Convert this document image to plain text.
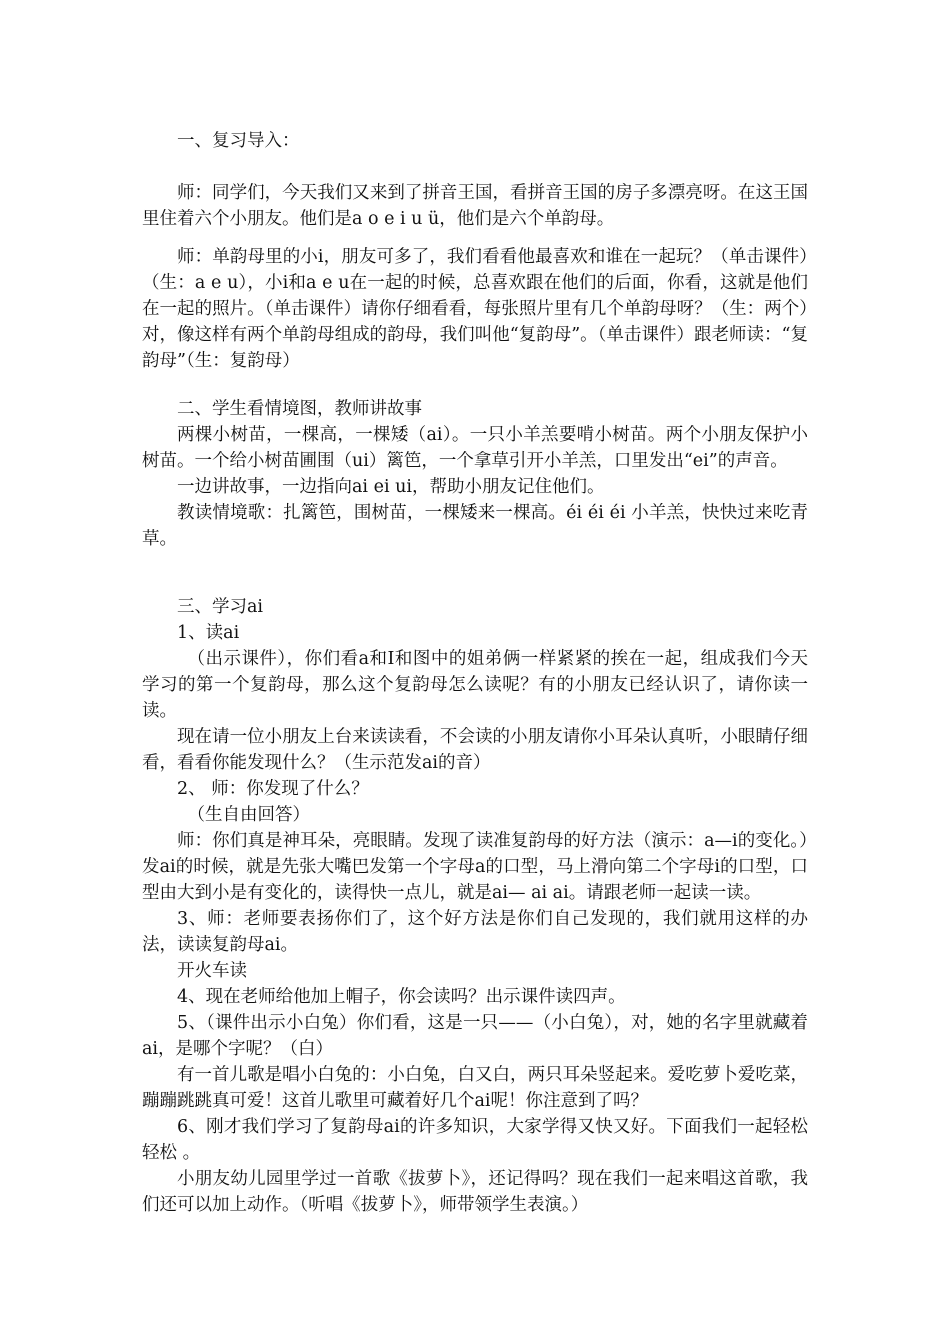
一、复习导入：

师：同学们，今天我们又来到了拼音王国，看拼音王国的房子多漂亮呀。在这王国里住着六个小朋友。他们是a o e i u ü，他们是六个单韵母。

师：单韵母里的小i，朋友可多了，我们看看他最喜欢和谁在一起玩？（单击课件）（生：a e u），小i和a e u在一起的时候，总喜欢跟在他们的后面，你看，这就是他们在一起的照片。（单击课件）请你仔细看看，每张照片里有几个单韵母呀？（生：两个）对，像这样有两个单韵母组成的韵母，我们叫他“复韵母”。（单击课件）跟老师读：“复韵母”（生：复韵母）

二、学生看情境图，教师讲故事

两棵小树苗，一棵高，一棵矮（ai）。一只小羊羔要啃小树苗。两个小朋友保护小树苗。一个给小树苗圃围（ui）篱笆，一个拿草引开小羊羔，口里发出“ei”的声音。

一边讲故事，一边指向ai ei ui，帮助小朋友记住他们。

教读情境歌：扎篱笆，围树苗，一棵矮来一棵高。éi éi éi 小羊羔，快快过来吃青草。

三、学习ai

1、读ai

（出示课件），你们看a和I和图中的姐弟俩一样紧紧的挨在一起，组成我们今天学习的第一个复韵母，那么这个复韵母怎么读呢？有的小朋友已经认识了，请你读一读。

现在请一位小朋友上台来读读看，不会读的小朋友请你小耳朵认真听，小眼睛仔细看，看看你能发现什么？（生示范发ai的音）

2、 师：你发现了什么？

（生自由回答）

师：你们真是神耳朵，亮眼睛。发现了读准复韵母的好方法（演示：a—i的变化。）发ai的时候，就是先张大嘴巴发第一个字母a的口型，马上滑向第二个字母i的口型，口型由大到小是有变化的，读得快一点儿，就是ai— ai ai。请跟老师一起读一读。

3、师：老师要表扬你们了，这个好方法是你们自己发现的，我们就用这样的办法，读读复韵母ai。

开火车读

4、现在老师给他加上帽子，你会读吗？出示课件读四声。

5、（课件出示小白兔）你们看，这是一只——（小白兔），对，她的名字里就藏着ai，是哪个字呢？（白）

有一首儿歌是唱小白兔的：小白兔，白又白，两只耳朵竖起来。爱吃萝卜爱吃菜，蹦蹦跳跳真可爱！这首儿歌里可藏着好几个ai呢！你注意到了吗？

6、刚才我们学习了复韵母ai的许多知识，大家学得又快又好。下面我们一起轻松轻松 。

小朋友幼儿园里学过一首歌《拔萝卜》，还记得吗？现在我们一起来唱这首歌，我们还可以加上动作。（听唱《拔萝卜》，师带领学生表演。）
